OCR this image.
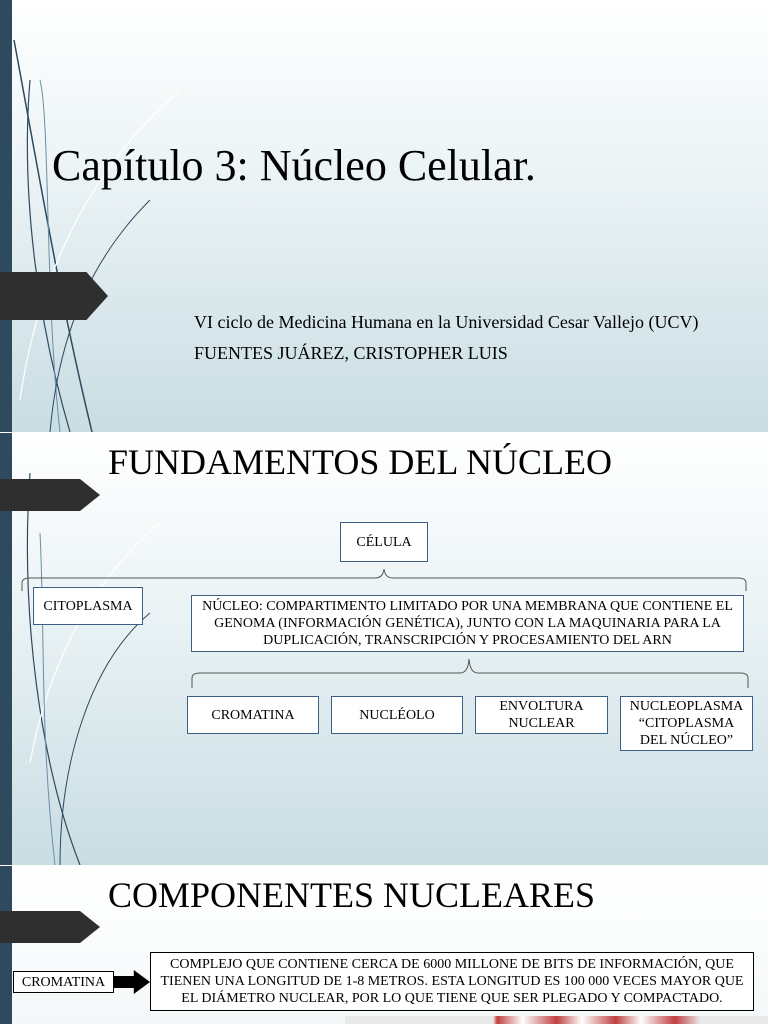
Capítulo 3: Núcleo Celular.
VI ciclo de Medicina Humana en la Universidad Cesar Vallejo (UCV)
FUENTES JUÁREZ, CRISTOPHER LUIS
FUNDAMENTOS DEL NÚCLEO
CÉLULA
CITOPLASMA	NÚCLEO: COMPARTIMENTO LIMITADO POR UNA MEMBRANA QUE CONTIENE EL GENOMA (INFORMACIÓN GENÉTICA), JUNTO CON LA MAQUINARIA PARA LA DUPLICACIÓN, TRANSCRIPCIÓN Y PROCESAMIENTO DEL ARN
CROMATINA	NUCLÉOLO
ENVOLTURA NUCLEAR
NUCLEOPLASMA “CITOPLASMA DEL NÚCLEO”
COMPONENTES NUCLEARES
CROMATINA
COMPLEJO QUE CONTIENE CERCA DE 6000 MILLONE DE BITS DE INFORMACIÓN, QUE TIENEN UNA LONGITUD DE 1-8 METROS. ESTA LONGITUD ES 100 000 VECES MAYOR QUE EL DIÁMETRO NUCLEAR, POR LO QUE TIENE QUE SER PLEGADO Y COMPACTADO.
